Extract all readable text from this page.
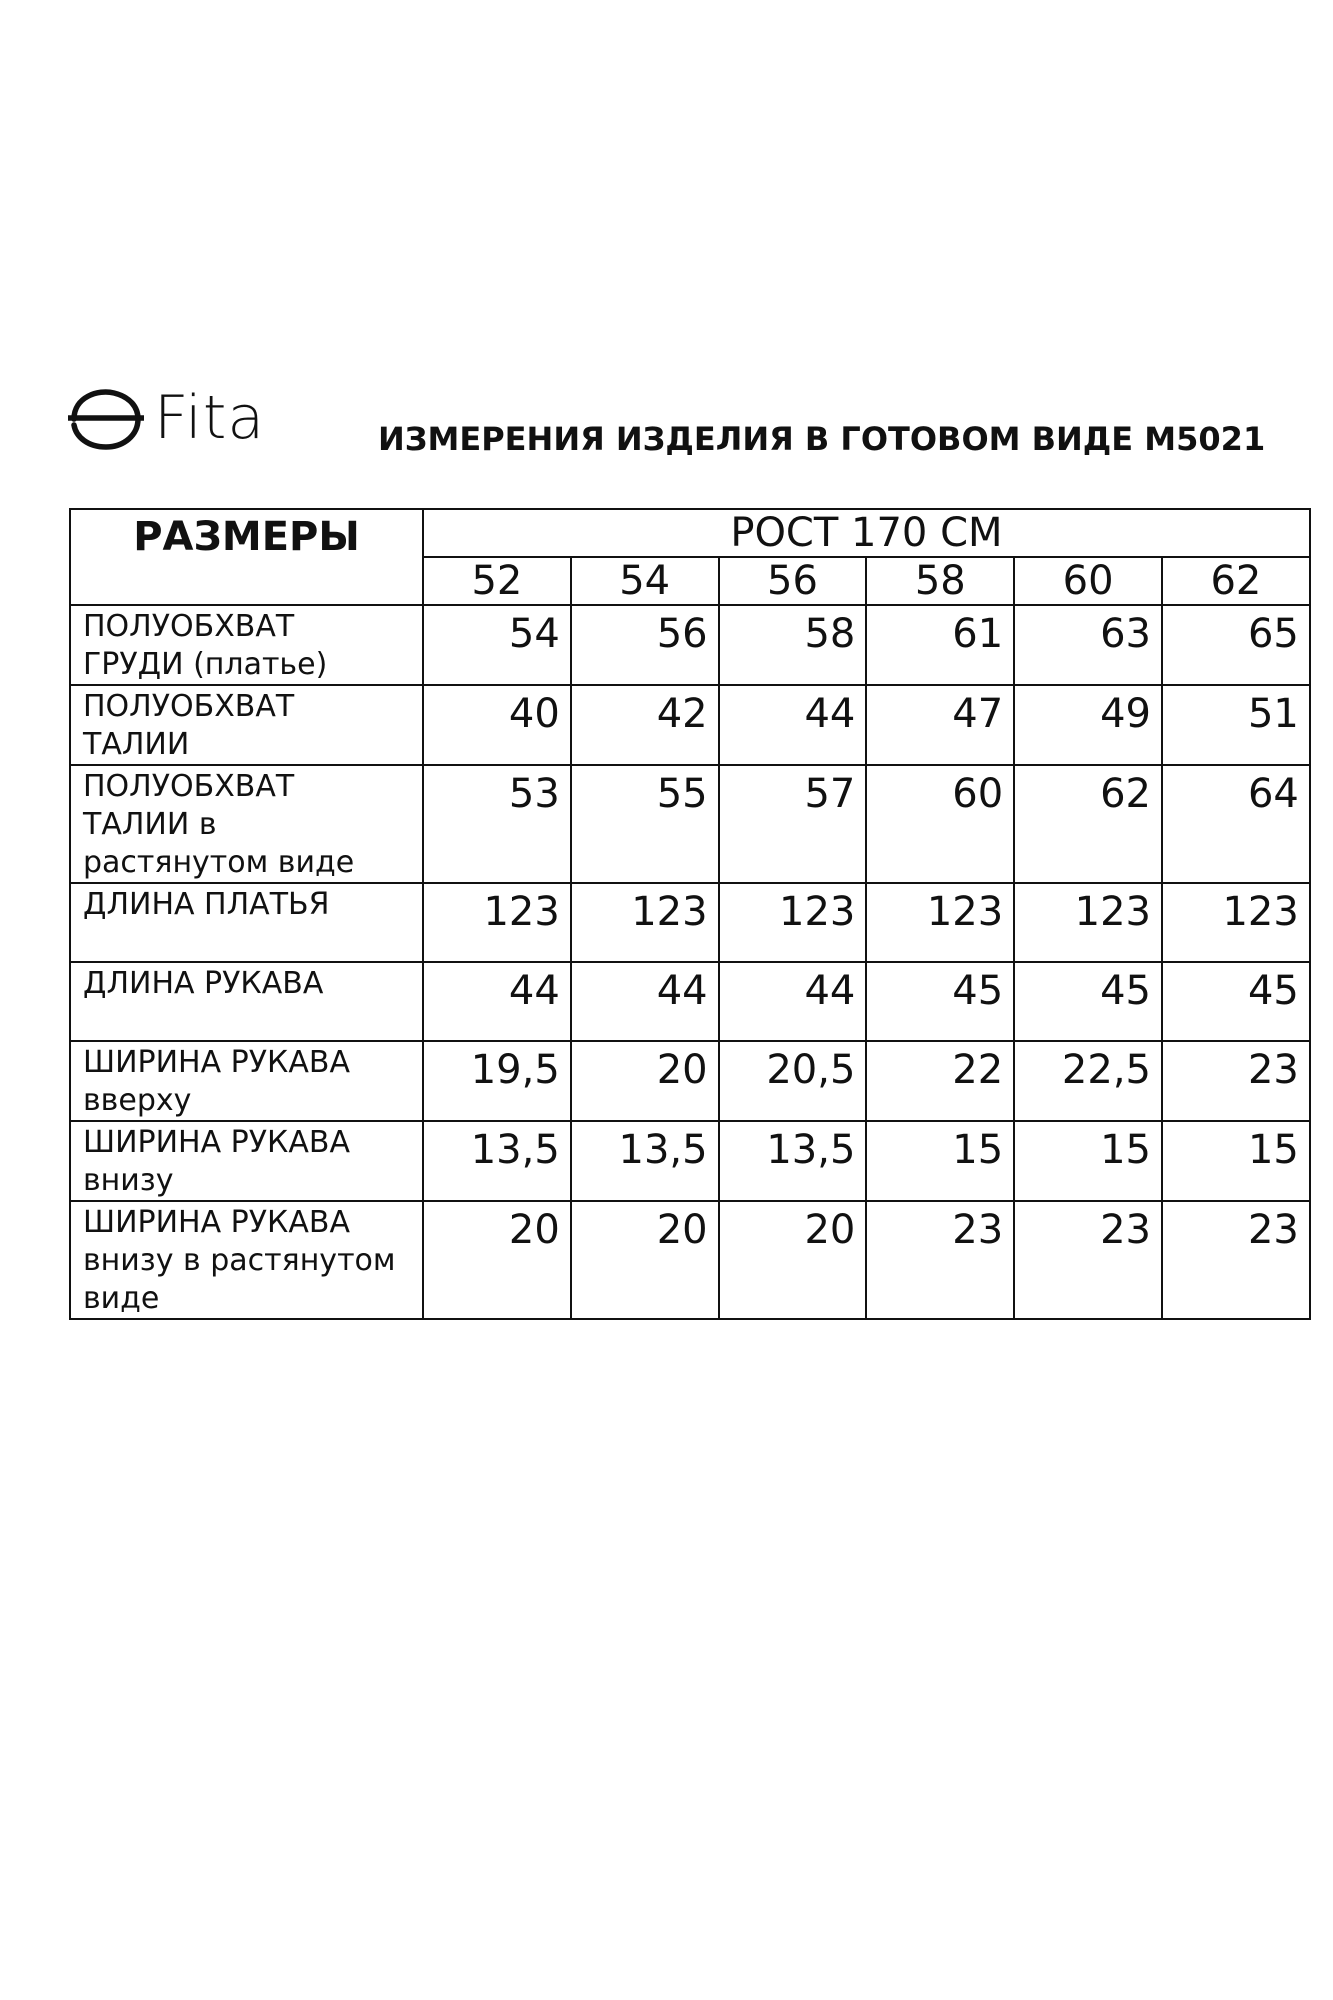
Fita	ИЗМЕРЕНИЯ ИЗДЕЛИЯ В ГОТОВОМ ВИДЕ М5021
РАЗМЕРЫ	РОСТ 170 СМ					
	52	54	56	58	60	62
ПОЛУОБХВАТ
ГРУДИ (платье)	54	56	58	61	63	65
ПОЛУОБХВАТ
ТАЛИИ	40	42	44	47	49	51
ПОЛУОБХВАТ
ТАЛИИ в
растянутом виде	53	55	57	60	62	64
ДЛИНА ПЛАТЬЯ	123	123	123	123	123	123
ДЛИНА РУКАВА	44	44	44	45	45	45
ШИРИНА РУКАВА
вверху	19,5	20	20,5	22	22,5	23
ШИРИНА РУКАВА
внизу	13,5	13,5	13,5	15	15	15
ШИРИНА РУКАВА
внизу в растянутом
виде	20	20	20	23	23	23
